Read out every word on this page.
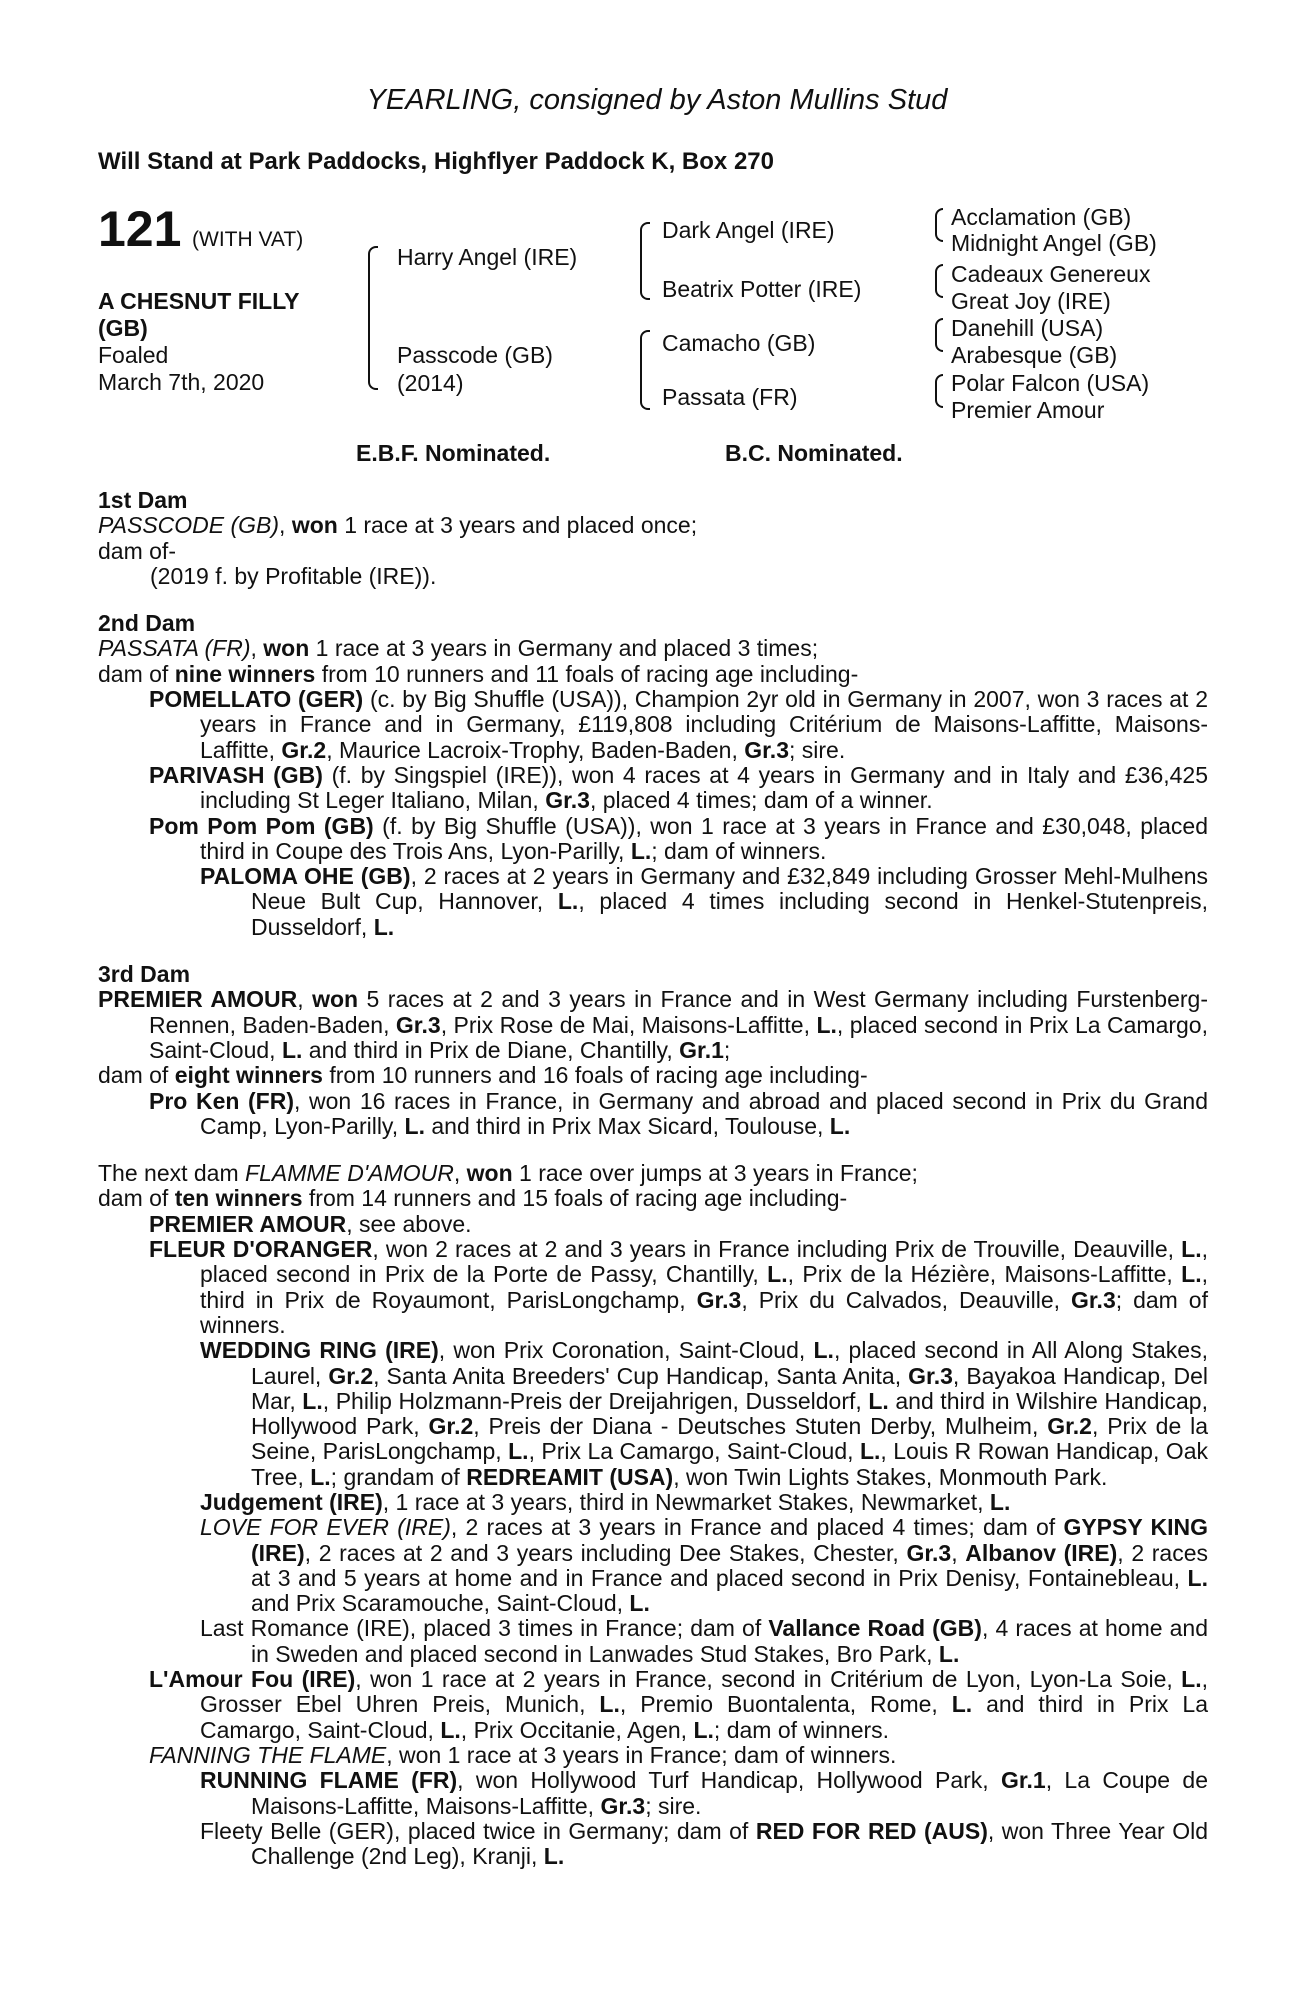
YEARLING, consigned by Aston Mullins Stud
Will Stand at Park Paddocks, Highflyer Paddock K, Box 270
121 (WITH VAT)
A CHESNUT FILLY
(GB)
Foaled
March 7th, 2020
Harry Angel (IRE)
Passcode (GB)
(2014)
Dark Angel (IRE)
Beatrix Potter (IRE)
Camacho (GB)
Passata (FR)
Acclamation (GB)
Midnight Angel (GB)
Cadeaux Genereux
Great Joy (IRE)
Danehill (USA)
Arabesque (GB)
Polar Falcon (USA)
Premier Amour
E.B.F. Nominated.	B.C. Nominated.

1st Dam

PASSCODE (GB), won 1 race at 3 years and placed once;

dam of-

(2019 f. by Profitable (IRE)).

2nd Dam

PASSATA (FR), won 1 race at 3 years in Germany and placed 3 times;

dam of nine winners from 10 runners and 11 foals of racing age including-

POMELLATO (GER) (c. by Big Shuffle (USA)), Champion 2yr old in Germany in 2007, won 3 races at 2 years in France and in Germany, £119,808 including Critérium de Maisons-Laffitte, Maisons-Laffitte, Gr.2, Maurice Lacroix-Trophy, Baden-Baden, Gr.3; sire.

PARIVASH (GB) (f. by Singspiel (IRE)), won 4 races at 4 years in Germany and in Italy and £36,425 including St Leger Italiano, Milan, Gr.3, placed 4 times; dam of a winner.

Pom Pom Pom (GB) (f. by Big Shuffle (USA)), won 1 race at 3 years in France and £30,048, placed third in Coupe des Trois Ans, Lyon-Parilly, L.; dam of winners.

PALOMA OHE (GB), 2 races at 2 years in Germany and £32,849 including Grosser Mehl-Mulhens Neue Bult Cup, Hannover, L., placed 4 times including second in Henkel-Stutenpreis, Dusseldorf, L.

3rd Dam

PREMIER AMOUR, won 5 races at 2 and 3 years in France and in West Germany including Furstenberg-Rennen, Baden-Baden, Gr.3, Prix Rose de Mai, Maisons-Laffitte, L., placed second in Prix La Camargo, Saint-Cloud, L. and third in Prix de Diane, Chantilly, Gr.1;

dam of eight winners from 10 runners and 16 foals of racing age including-

Pro Ken (FR), won 16 races in France, in Germany and abroad and placed second in Prix du Grand Camp, Lyon-Parilly, L. and third in Prix Max Sicard, Toulouse, L.

The next dam FLAMME D'AMOUR, won 1 race over jumps at 3 years in France;

dam of ten winners from 14 runners and 15 foals of racing age including-

PREMIER AMOUR, see above.

FLEUR D'ORANGER, won 2 races at 2 and 3 years in France including Prix de Trouville, Deauville, L., placed second in Prix de la Porte de Passy, Chantilly, L., Prix de la Hézière, Maisons-Laffitte, L., third in Prix de Royaumont, ParisLongchamp, Gr.3, Prix du Calvados, Deauville, Gr.3; dam of winners.

WEDDING RING (IRE), won Prix Coronation, Saint-Cloud, L., placed second in All Along Stakes, Laurel, Gr.2, Santa Anita Breeders' Cup Handicap, Santa Anita, Gr.3, Bayakoa Handicap, Del Mar, L., Philip Holzmann-Preis der Dreijahrigen, Dusseldorf, L. and third in Wilshire Handicap, Hollywood Park, Gr.2, Preis der Diana - Deutsches Stuten Derby, Mulheim, Gr.2, Prix de la Seine, ParisLongchamp, L., Prix La Camargo, Saint-Cloud, L., Louis R Rowan Handicap, Oak Tree, L.; grandam of REDREAMIT (USA), won Twin Lights Stakes, Monmouth Park.

Judgement (IRE), 1 race at 3 years, third in Newmarket Stakes, Newmarket, L.

LOVE FOR EVER (IRE), 2 races at 3 years in France and placed 4 times; dam of GYPSY KING (IRE), 2 races at 2 and 3 years including Dee Stakes, Chester, Gr.3, Albanov (IRE), 2 races at 3 and 5 years at home and in France and placed second in Prix Denisy, Fontainebleau, L. and Prix Scaramouche, Saint-Cloud, L.

Last Romance (IRE), placed 3 times in France; dam of Vallance Road (GB), 4 races at home and in Sweden and placed second in Lanwades Stud Stakes, Bro Park, L.

L'Amour Fou (IRE), won 1 race at 2 years in France, second in Critérium de Lyon, Lyon-La Soie, L., Grosser Ebel Uhren Preis, Munich, L., Premio Buontalenta, Rome, L. and third in Prix La Camargo, Saint-Cloud, L., Prix Occitanie, Agen, L.; dam of winners.

FANNING THE FLAME, won 1 race at 3 years in France; dam of winners.

RUNNING FLAME (FR), won Hollywood Turf Handicap, Hollywood Park, Gr.1, La Coupe de Maisons-Laffitte, Maisons-Laffitte, Gr.3; sire.

Fleety Belle (GER), placed twice in Germany; dam of RED FOR RED (AUS), won Three Year Old Challenge (2nd Leg), Kranji, L.
